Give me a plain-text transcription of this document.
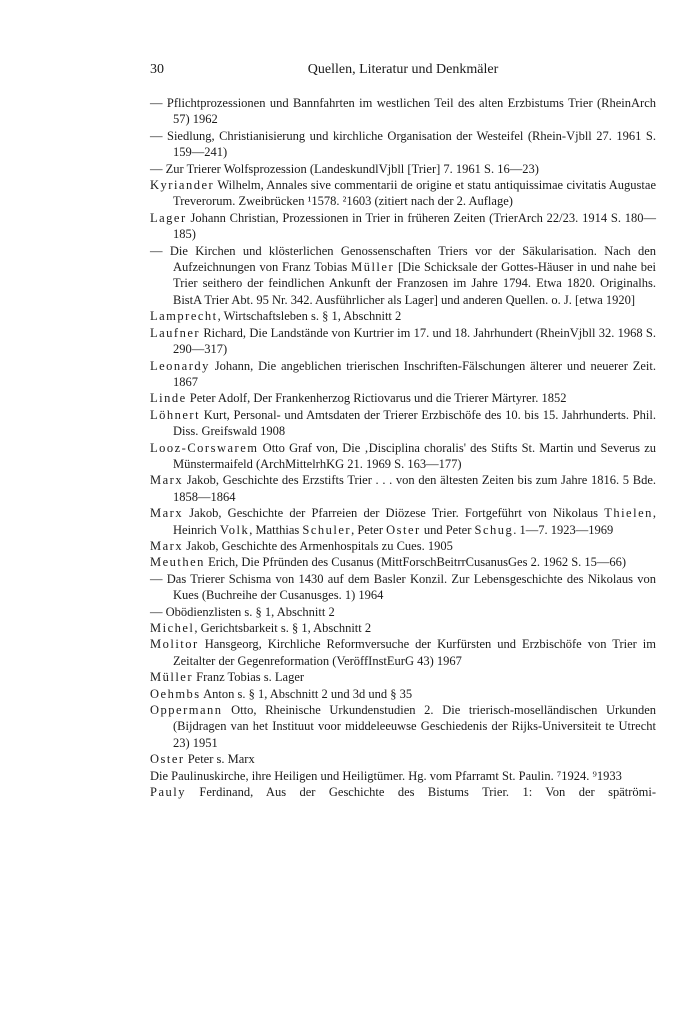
30	Quellen, Literatur und Denkmäler
— Pflichtprozessionen und Bannfahrten im westlichen Teil des alten Erzbistums Trier (RheinArch 57) 1962
— Siedlung, Christianisierung und kirchliche Organisation der Westeifel (Rhein-Vjbll 27. 1961 S. 159—241)
— Zur Trierer Wolfsprozession (LandeskundlVjbll [Trier] 7. 1961 S. 16—23)
Kyriander Wilhelm, Annales sive commentarii de origine et statu antiquissimae civitatis Augustae Treverorum. Zweibrücken ¹1578. ²1603 (zitiert nach der 2. Auflage)
Lager Johann Christian, Prozessionen in Trier in früheren Zeiten (TrierArch 22/23. 1914 S. 180—185)
— Die Kirchen und klösterlichen Genossenschaften Triers vor der Säkularisation. Nach den Aufzeichnungen von Franz Tobias Müller [Die Schicksale der Gottes-Häuser in und nahe bei Trier seithero der feindlichen Ankunft der Franzosen im Jahre 1794. Etwa 1820. Originalhs. BistA Trier Abt. 95 Nr. 342. Ausführlicher als Lager] und anderen Quellen. o. J. [etwa 1920]
Lamprecht, Wirtschaftsleben s. § 1, Abschnitt 2
Laufner Richard, Die Landstände von Kurtrier im 17. und 18. Jahrhundert (RheinVjbll 32. 1968 S. 290—317)
Leonardy Johann, Die angeblichen trierischen Inschriften-Fälschungen älterer und neuerer Zeit. 1867
Linde Peter Adolf, Der Frankenherzog Rictiovarus und die Trierer Märtyrer. 1852
Löhnert Kurt, Personal- und Amtsdaten der Trierer Erzbischöfe des 10. bis 15. Jahrhunderts. Phil. Diss. Greifswald 1908
Looz-Corswarem Otto Graf von, Die ‚Disciplina choralis' des Stifts St. Martin und Severus zu Münstermaifeld (ArchMittelrhKG 21. 1969 S. 163—177)
Marx Jakob, Geschichte des Erzstifts Trier . . . von den ältesten Zeiten bis zum Jahre 1816. 5 Bde. 1858—1864
Marx Jakob, Geschichte der Pfarreien der Diözese Trier. Fortgeführt von Nikolaus Thielen, Heinrich Volk, Matthias Schuler, Peter Oster und Peter Schug. 1—7. 1923—1969
Marx Jakob, Geschichte des Armenhospitals zu Cues. 1905
Meuthen Erich, Die Pfründen des Cusanus (MittForschBeitrrCusanusGes 2. 1962 S. 15—66)
— Das Trierer Schisma von 1430 auf dem Basler Konzil. Zur Lebensgeschichte des Nikolaus von Kues (Buchreihe der Cusanusges. 1) 1964
— Obödienzlisten s. § 1, Abschnitt 2
Michel, Gerichtsbarkeit s. § 1, Abschnitt 2
Molitor Hansgeorg, Kirchliche Reformversuche der Kurfürsten und Erzbischöfe von Trier im Zeitalter der Gegenreformation (VeröffInstEurG 43) 1967
Müller Franz Tobias s. Lager
Oehmbs Anton s. § 1, Abschnitt 2 und 3d und § 35
Oppermann Otto, Rheinische Urkundenstudien 2. Die trierisch-moselländischen Urkunden (Bijdragen van het Instituut voor middeleeuwse Geschiedenis der Rijks-Universiteit te Utrecht 23) 1951
Oster Peter s. Marx
Die Paulinuskirche, ihre Heiligen und Heiligtümer. Hg. vom Pfarramt St. Paulin. ⁷1924. ⁹1933
Pauly Ferdinand, Aus der Geschichte des Bistums Trier. 1: Von der spätrömi-
